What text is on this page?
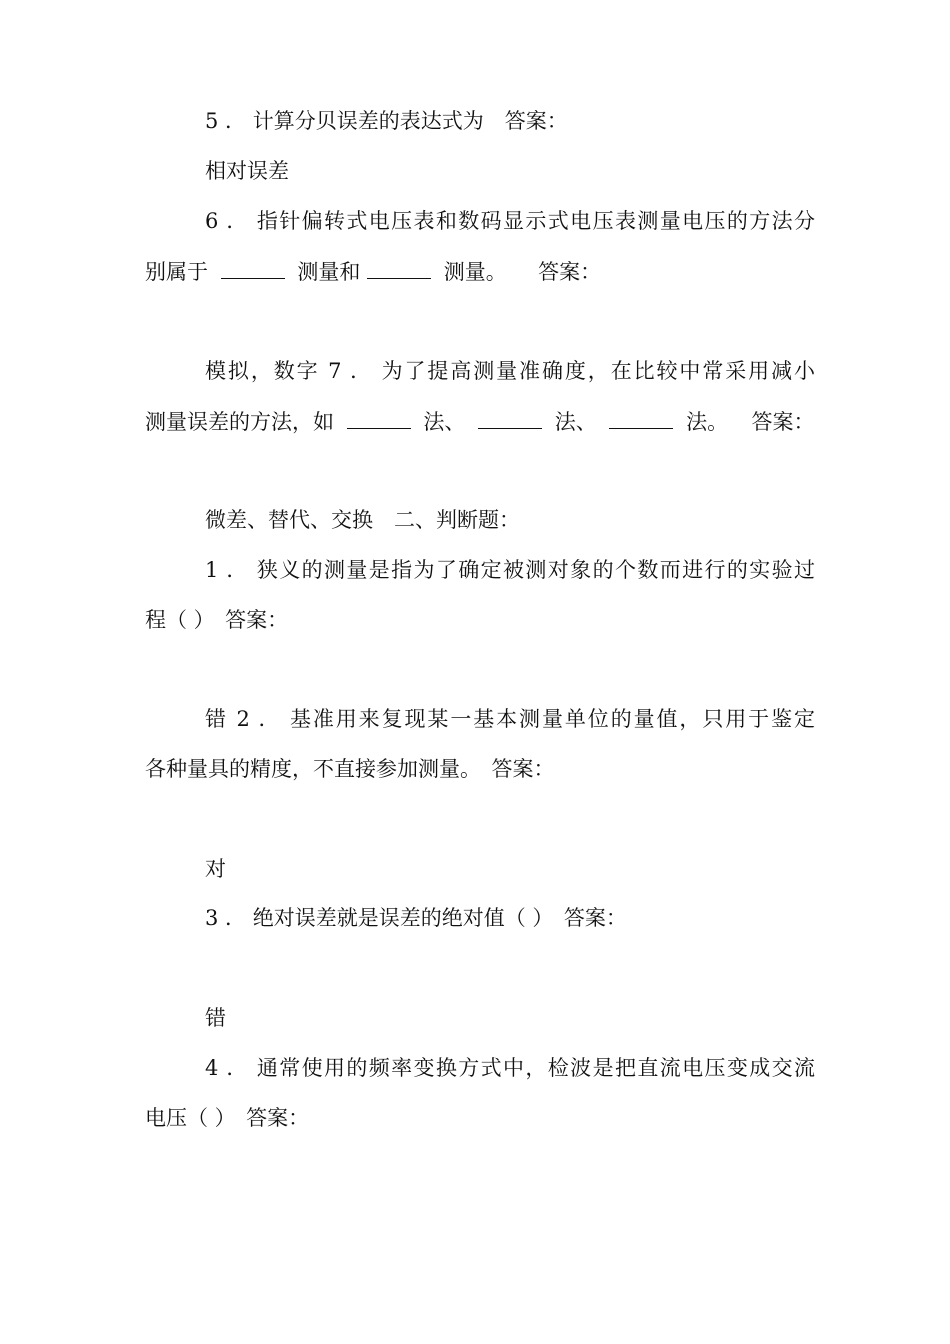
5 ． 计算分贝误差的表达式为　答案：
相对误差
6 ． 指针偏转式电压表和数码显示式电压表测量电压的方法分
别属于	测量和	测量。 答案：
模拟，数字 7 ． 为了提高测量准确度，在比较中常采用减小
测量误差的方法，如	法、	法、	法。 答案：
微差、替代、交换　二、判断题：
1 ． 狭义的测量是指为了确定被测对象的个数而进行的实验过
程（ ）　答案：
错 2 ． 基准用来复现某一基本测量单位的量值，只用于鉴定
各种量具的精度，不直接参加测量。　答案：
对
3 ． 绝对误差就是误差的绝对值（ ）　答案：
错
4 ． 通常使用的频率变换方式中，检波是把直流电压变成交流
电压（ ）　答案：
